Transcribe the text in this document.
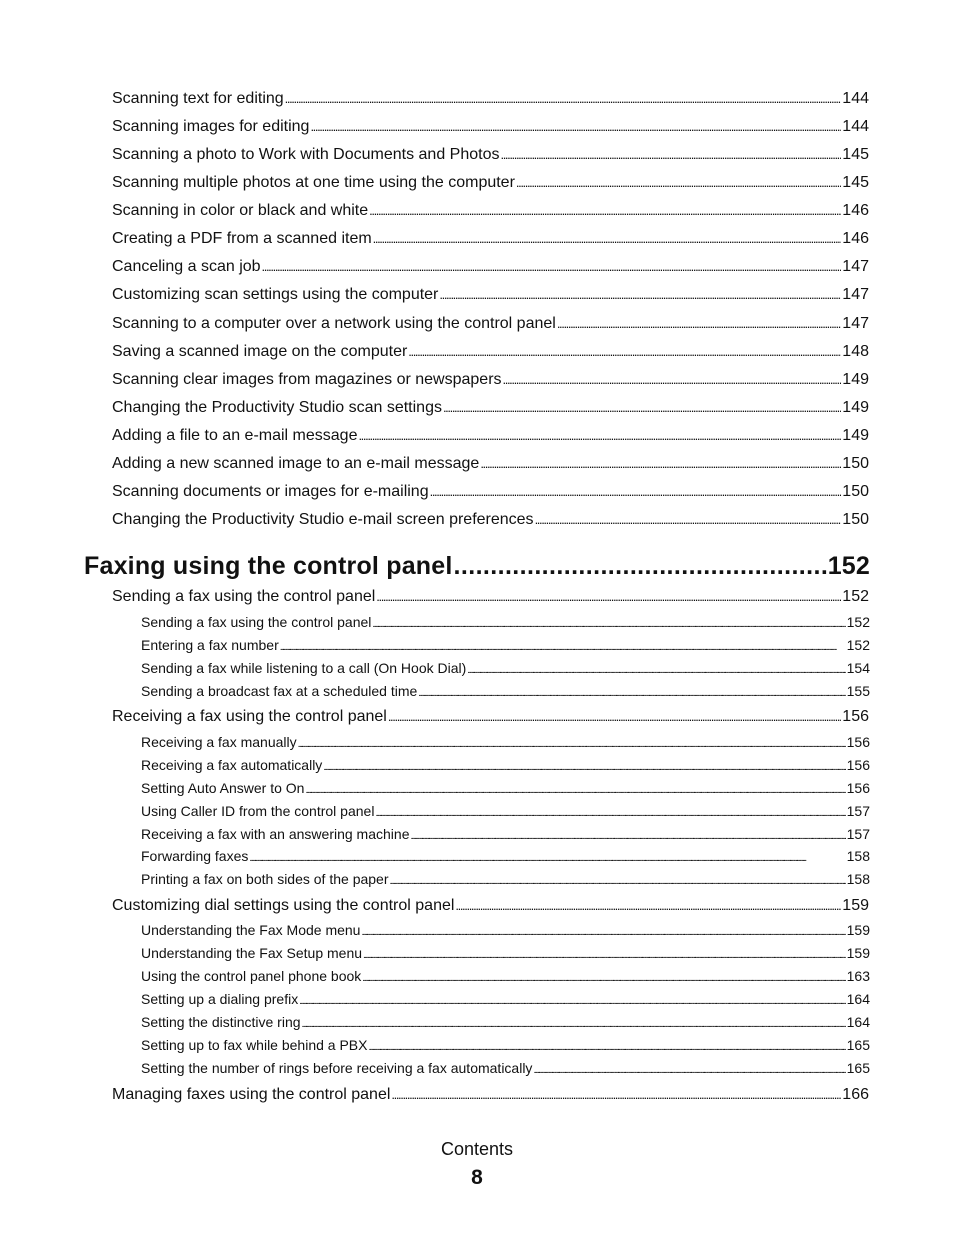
Scanning text for editing .....	144
Scanning images for editing .....	144
Scanning a photo to Work with Documents and Photos .....	145
Scanning multiple photos at one time using the computer .....	145
Scanning in color or black and white .....	146
Creating a PDF from a scanned item .....	146
Canceling a scan job .....	147
Customizing scan settings using the computer .....	147
Scanning to a computer over a network using the control panel .....	147
Saving a scanned image on the computer .....	148
Scanning clear images from magazines or newspapers .....	149
Changing the Productivity Studio scan settings .....	149
Adding a file to an e-mail message .....	149
Adding a new scanned image to an e-mail message .....	150
Scanning documents or images for e-mailing .....	150
Changing the Productivity Studio e-mail screen preferences .....	150
Faxing using the control panel .....	152
Sending a fax using the control panel .....	152
Sending a fax using the control panel .....	152
Entering a fax number .....	152
Sending a fax while listening to a call (On Hook Dial) .....	154
Sending a broadcast fax at a scheduled time .....	155
Receiving a fax using the control panel .....	156
Receiving a fax manually .....	156
Receiving a fax automatically .....	156
Setting Auto Answer to On .....	156
Using Caller ID from the control panel .....	157
Receiving a fax with an answering machine .....	157
Forwarding faxes .....	158
Printing a fax on both sides of the paper .....	158
Customizing dial settings using the control panel .....	159
Understanding the Fax Mode menu .....	159
Understanding the Fax Setup menu .....	159
Using the control panel phone book .....	163
Setting up a dialing prefix .....	164
Setting the distinctive ring .....	164
Setting up to fax while behind a PBX .....	165
Setting the number of rings before receiving a fax automatically .....	165
Managing faxes using the control panel .....	166
Contents
8
